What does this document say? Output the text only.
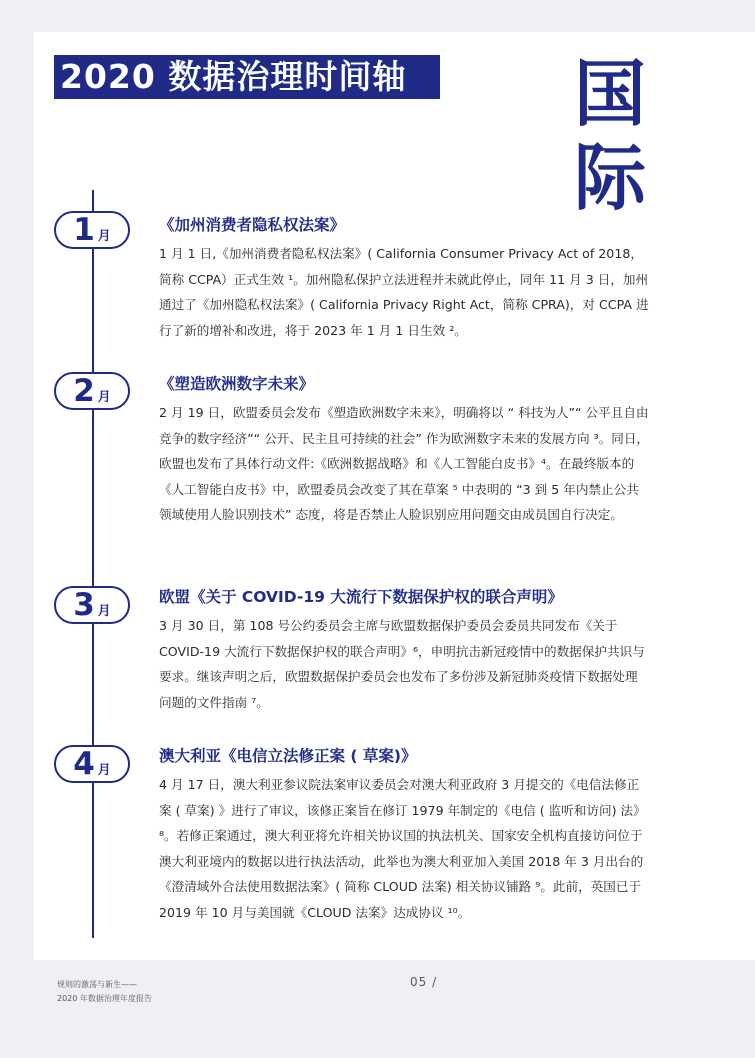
2020 数据治理时间轴	国
际
1 月
《加州消费者隐私权法案》

1 月 1 日,《加州消费者隐私权法案》( California Consumer Privacy Act of 2018，简称 CCPA）正式生效 ¹。加州隐私保护立法进程并未就此停止，同年 11 月 3 日，加州通过了《加州隐私权法案》( California Privacy Right Act，简称 CPRA)，对 CCPA 进行了新的增补和改进，将于 2023 年 1 月 1 日生效 ²。

2 月
《塑造欧洲数字未来》

2 月 19 日，欧盟委员会发布《塑造欧洲数字未来》，明确将以 “ 科技为人”“ 公平且自由竞争的数字经济”“ 公开、民主且可持续的社会” 作为欧洲数字未来的发展方向 ³。同日，欧盟也发布了具体行动文件:《欧洲数据战略》和《人工智能白皮书》⁴。在最终版本的《人工智能白皮书》中，欧盟委员会改变了其在草案 ⁵ 中表明的 “3 到 5 年内禁止公共领域使用人脸识别技术” 态度，将是否禁止人脸识别应用问题交由成员国自行决定。

3 月
欧盟《关于 COVID-19 大流行下数据保护权的联合声明》

3 月 30 日，第 108 号公约委员会主席与欧盟数据保护委员会委员共同发布《关于 COVID-19 大流行下数据保护权的联合声明》⁶，申明抗击新冠疫情中的数据保护共识与要求。继该声明之后，欧盟数据保护委员会也发布了多份涉及新冠肺炎疫情下数据处理问题的文件指南 ⁷。

4 月
澳大利亚《电信立法修正案 ( 草案)》

4 月 17 日，澳大利亚参议院法案审议委员会对澳大利亚政府 3 月提交的《电信法修正案 ( 草案) 》进行了审议，该修正案旨在修订 1979 年制定的《电信 ( 监听和访问) 法》⁸。若修正案通过，澳大利亚将允许相关协议国的执法机关、国家安全机构直接访问位于澳大利亚境内的数据以进行执法活动，此举也为澳大利亚加入美国 2018 年 3 月出台的《澄清域外合法使用数据法案》( 简称 CLOUD 法案) 相关协议铺路 ⁹。此前，英国已于 2019 年 10 月与美国就《CLOUD 法案》达成协议 ¹⁰。

规则的激荡与新生——
2020 年数据治理年度报告
05 /
